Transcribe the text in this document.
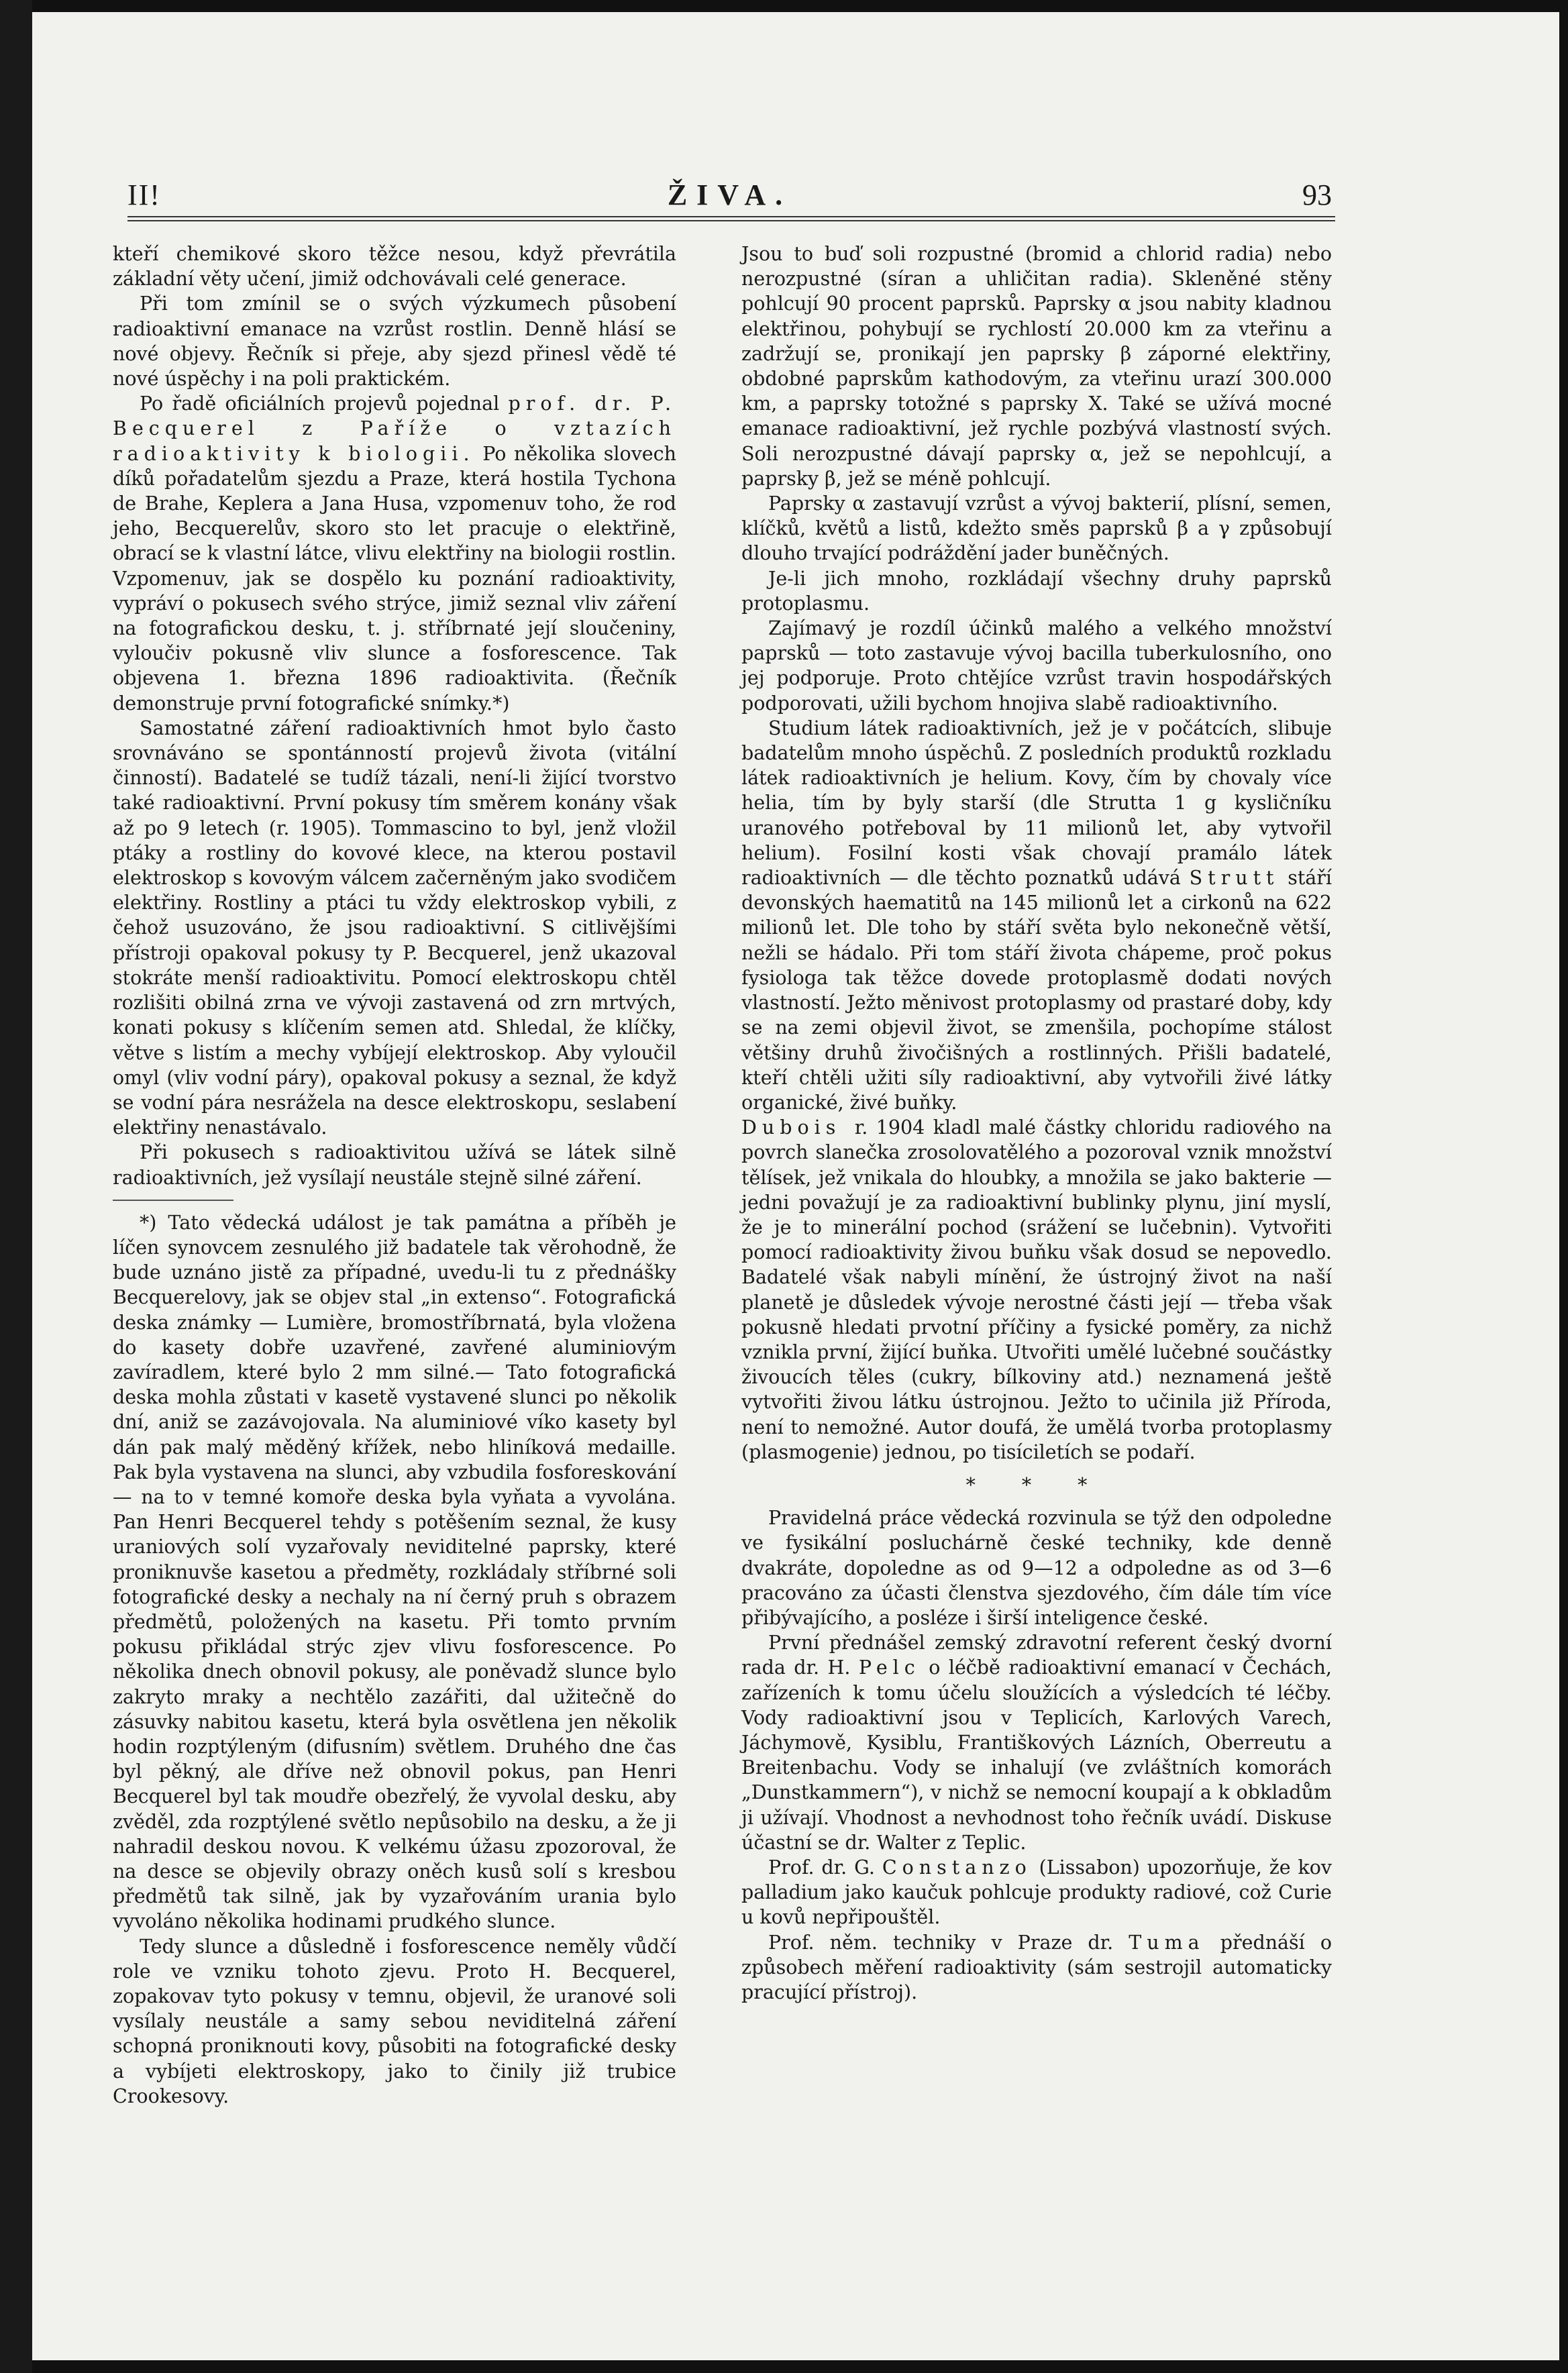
II!	ŽIVA.	93

kteří chemikové skoro těžce nesou, když převrátila základní věty učení, jimiž odchovávali celé generace.

Při tom zmínil se o svých výzkumech působení radioaktivní emanace na vzrůst rostlin. Denně hlásí se nové objevy. Řečník si přeje, aby sjezd přinesl vědě té nové úspěchy i na poli praktickém.

Po řadě oficiálních projevů pojednal prof. dr. P. Becquerel z Paříže o vztazích radioaktivity k biologii. Po několika slovech díků pořadatelům sjezdu a Praze, která hostila Tychona de Brahe, Keplera a Jana Husa, vzpomenuv toho, že rod jeho, Becquerelův, skoro sto let pracuje o elektřině, obrací se k vlastní látce, vlivu elektřiny na biologii rostlin. Vzpomenuv, jak se dospělo ku poznání radioaktivity, vypráví o pokusech svého strýce, jimiž seznal vliv záření na fotografickou desku, t. j. stříbrnaté její sloučeniny, vyloučiv pokusně vliv slunce a fosforescence. Tak objevena 1. března 1896 radioaktivita. (Řečník demonstruje první fotografické snímky.*)

Samostatné záření radioaktivních hmot bylo často srovnáváno se spontánností projevů života (vitální činností). Badatelé se tudíž tázali, není-li žijící tvorstvo také radioaktivní. První pokusy tím směrem konány však až po 9 letech (r. 1905). Tommascino to byl, jenž vložil ptáky a rostliny do kovové klece, na kterou postavil elektroskop s kovovým válcem začerněným jako svodičem elektřiny. Rostliny a ptáci tu vždy elektroskop vybili, z čehož usuzováno, že jsou radioaktivní. S citlivějšími přístroji opakoval pokusy ty P. Becquerel, jenž ukazoval stokráte menší radioaktivitu. Pomocí elektroskopu chtěl rozlišiti obilná zrna ve vývoji zastavená od zrn mrtvých, konati pokusy s klíčením semen atd. Shledal, že klíčky, větve s listím a mechy vybíjejí elektroskop. Aby vyloučil omyl (vliv vodní páry), opakoval pokusy a seznal, že když se vodní pára nesrážela na desce elektroskopu, seslabení elektřiny nenastávalo.

Při pokusech s radioaktivitou užívá se látek silně radioaktivních, jež vysílají neustále stejně silné záření.

*) Tato vědecká událost je tak památna a příběh je líčen synovcem zesnulého již badatele tak věrohodně, že bude uznáno jistě za případné, uvedu-li tu z přednášky Becquerelovy, jak se objev stal „in extenso“. Fotografická deska známky — Lumière, bromostříbrnatá, byla vložena do kasety dobře uzavřené, zavřené aluminiovým zavíradlem, které bylo 2 mm silné.— Tato fotografická deska mohla zůstati v kasetě vystavené slunci po několik dní, aniž se zazávojovala. Na aluminiové víko kasety byl dán pak malý měděný křížek, nebo hliníková medaille. Pak byla vystavena na slunci, aby vzbudila fosforeskování — na to v temné komoře deska byla vyňata a vyvolána. Pan Henri Becquerel tehdy s potěšením seznal, že kusy uraniových solí vyzařovaly neviditelné paprsky, které proniknuvše kasetou a předměty, rozkládaly stříbrné soli fotografické desky a nechaly na ní černý pruh s obrazem předmětů, položených na kasetu. Při tomto prvním pokusu přikládal strýc zjev vlivu fosforescence. Po několika dnech obnovil pokusy, ale poněvadž slunce bylo zakryto mraky a nechtělo zazářiti, dal užitečně do zásuvky nabitou kasetu, která byla osvětlena jen několik hodin rozptýleným (difusním) světlem. Druhého dne čas byl pěkný, ale dříve než obnovil pokus, pan Henri Becquerel byl tak moudře obezřelý, že vyvolal desku, aby zvěděl, zda rozptýlené světlo nepůsobilo na desku, a že ji nahradil deskou novou. K velkému úžasu zpozoroval, že na desce se objevily obrazy oněch kusů solí s kresbou předmětů tak silně, jak by vyzařováním urania bylo vyvoláno několika hodinami prudkého slunce.

Tedy slunce a důsledně i fosforescence neměly vůdčí role ve vzniku tohoto zjevu. Proto H. Becquerel, zopakovav tyto pokusy v temnu, objevil, že uranové soli vysílaly neustále a samy sebou neviditelná záření schopná proniknouti kovy, působiti na fotografické desky a vybíjeti elektroskopy, jako to činily již trubice Crookesovy.

Jsou to buď soli rozpustné (bromid a chlorid radia) nebo nerozpustné (síran a uhličitan radia). Skleněné stěny pohlcují 90 procent paprsků. Paprsky α jsou nabity kladnou elektřinou, pohybují se rychlostí 20.000 km za vteřinu a zadržují se, pronikají jen paprsky β záporné elektřiny, obdobné paprskům kathodovým, za vteřinu urazí 300.000 km, a paprsky totožné s paprsky X. Také se užívá mocné emanace radioaktivní, jež rychle pozbývá vlastností svých. Soli nerozpustné dávají paprsky α, jež se nepohlcují, a paprsky β, jež se méně pohlcují.

Paprsky α zastavují vzrůst a vývoj bakterií, plísní, semen, klíčků, květů a listů, kdežto směs paprsků β a γ způsobují dlouho trvající podráždění jader buněčných.

Je-li jich mnoho, rozkládají všechny druhy paprsků protoplasmu.

Zajímavý je rozdíl účinků malého a velkého množství paprsků — toto zastavuje vývoj bacilla tuberkulosního, ono jej podporuje. Proto chtějíce vzrůst travin hospodářských podporovati, užili bychom hnojiva slabě radioaktivního.

Studium látek radioaktivních, jež je v počátcích, slibuje badatelům mnoho úspěchů. Z posledních produktů rozkladu látek radioaktivních je helium. Kovy, čím by chovaly více helia, tím by byly starší (dle Strutta 1 g kysličníku uranového potřeboval by 11 milionů let, aby vytvořil helium). Fosilní kosti však chovají pramálo látek radioaktivních — dle těchto poznatků udává Strutt stáří devonských haematitů na 145 milionů let a cirkonů na 622 milionů let. Dle toho by stáří světa bylo nekonečně větší, nežli se hádalo. Při tom stáří života chápeme, proč pokus fysiologa tak těžce dovede protoplasmě dodati nových vlastností. Ježto měnivost protoplasmy od prastaré doby, kdy se na zemi objevil život, se zmenšila, pochopíme stálost většiny druhů živočišných a rostlinných. Přišli badatelé, kteří chtěli užiti síly radioaktivní, aby vytvořili živé látky organické, živé buňky.

Dubois r. 1904 kladl malé částky chloridu radiového na povrch slanečka zrosolovatělého a pozoroval vznik množství tělísek, jež vnikala do hloubky, a množila se jako bakterie — jedni považují je za radioaktivní bublinky plynu, jiní myslí, že je to minerální pochod (srážení se lučebnin). Vytvořiti pomocí radioaktivity živou buňku však dosud se nepovedlo. Badatelé však nabyli mínění, že ústrojný život na naší planetě je důsledek vývoje nerostné části její — třeba však pokusně hledati prvotní příčiny a fysické poměry, za nichž vznikla první, žijící buňka. Utvořiti umělé lučebné součástky živoucích těles (cukry, bílkoviny atd.) neznamená ještě vytvořiti živou látku ústrojnou. Ježto to učinila již Příroda, není to nemožné. Autor doufá, že umělá tvorba protoplasmy (plasmogenie) jednou, po tisíciletích se podaří.

* * *

Pravidelná práce vědecká rozvinula se týž den odpoledne ve fysikální posluchárně české techniky, kde denně dvakráte, dopoledne as od 9—12 a odpoledne as od 3—6 pracováno za účasti členstva sjezdového, čím dále tím více přibývajícího, a posléze i širší inteligence české.

První přednášel zemský zdravotní referent český dvorní rada dr. H. Pelc o léčbě radioaktivní emanací v Čechách, zařízeních k tomu účelu sloužících a výsledcích té léčby. Vody radioaktivní jsou v Teplicích, Karlových Varech, Jáchymově, Kysiblu, Františkových Lázních, Oberreutu a Breitenbachu. Vody se inhalují (ve zvláštních komorách „Dunstkammern“), v nichž se nemocní koupají a k obkladům ji užívají. Vhodnost a nevhodnost toho řečník uvádí. Diskuse účastní se dr. Walter z Teplic.

Prof. dr. G. Constanzo (Lissabon) upozorňuje, že kov palladium jako kaučuk pohlcuje produkty radiové, což Curie u kovů nepřipouštěl.

Prof. něm. techniky v Praze dr. Tuma přednáší o způsobech měření radioaktivity (sám sestrojil automaticky pracující přístroj).
